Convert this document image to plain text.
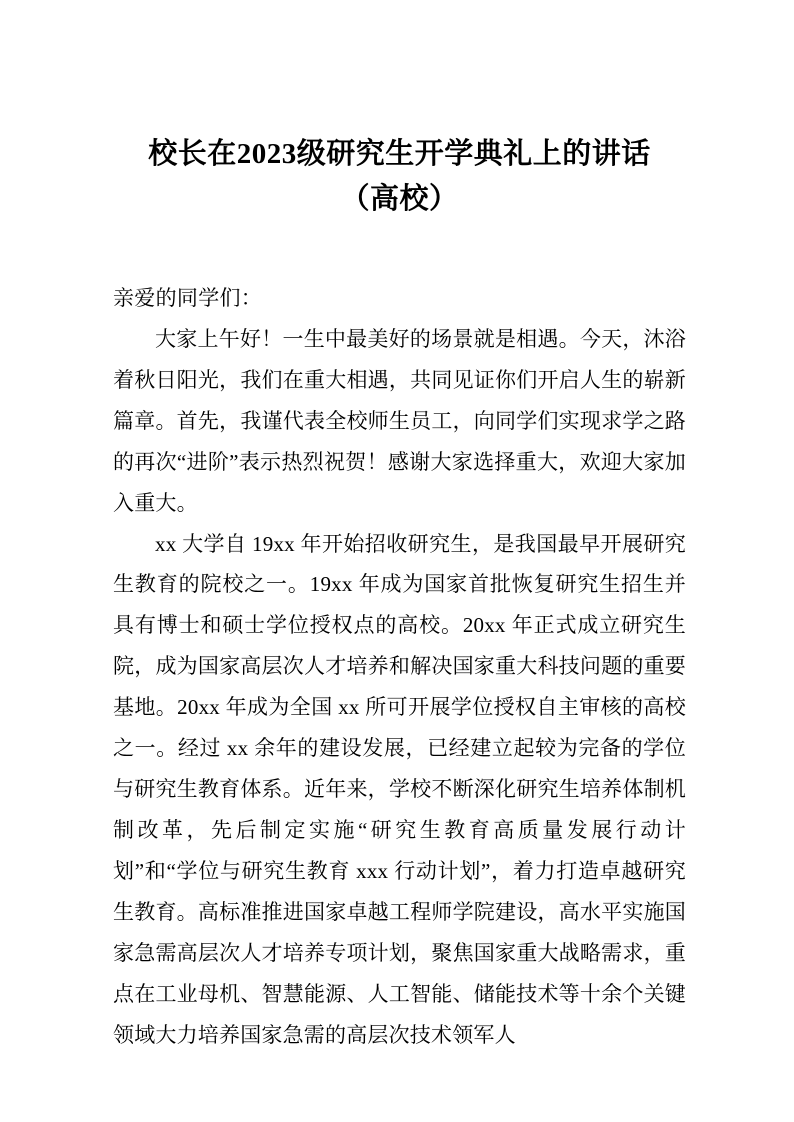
校长在2023级研究生开学典礼上的讲话
（高校）

亲爱的同学们：

大家上午好！一生中最美好的场景就是相遇。今天，沐浴着秋日阳光，我们在重大相遇，共同见证你们开启人生的崭新篇章。首先，我谨代表全校师生员工，向同学们实现求学之路的再次“进阶”表示热烈祝贺！感谢大家选择重大，欢迎大家加入重大。

xx 大学自 19xx 年开始招收研究生，是我国最早开展研究生教育的院校之一。19xx 年成为国家首批恢复研究生招生并具有博士和硕士学位授权点的高校。20xx 年正式成立研究生院，成为国家高层次人才培养和解决国家重大科技问题的重要基地。20xx 年成为全国 xx 所可开展学位授权自主审核的高校之一。经过 xx 余年的建设发展，已经建立起较为完备的学位与研究生教育体系。近年来，学校不断深化研究生培养体制机制改革，先后制定实施“研究生教育高质量发展行动计划”和“学位与研究生教育 xxx 行动计划”，着力打造卓越研究生教育。高标准推进国家卓越工程师学院建设，高水平实施国家急需高层次人才培养专项计划，聚焦国家重大战略需求，重点在工业母机、智慧能源、人工智能、储能技术等十余个关键领域大力培养国家急需的高层次技术领军人
